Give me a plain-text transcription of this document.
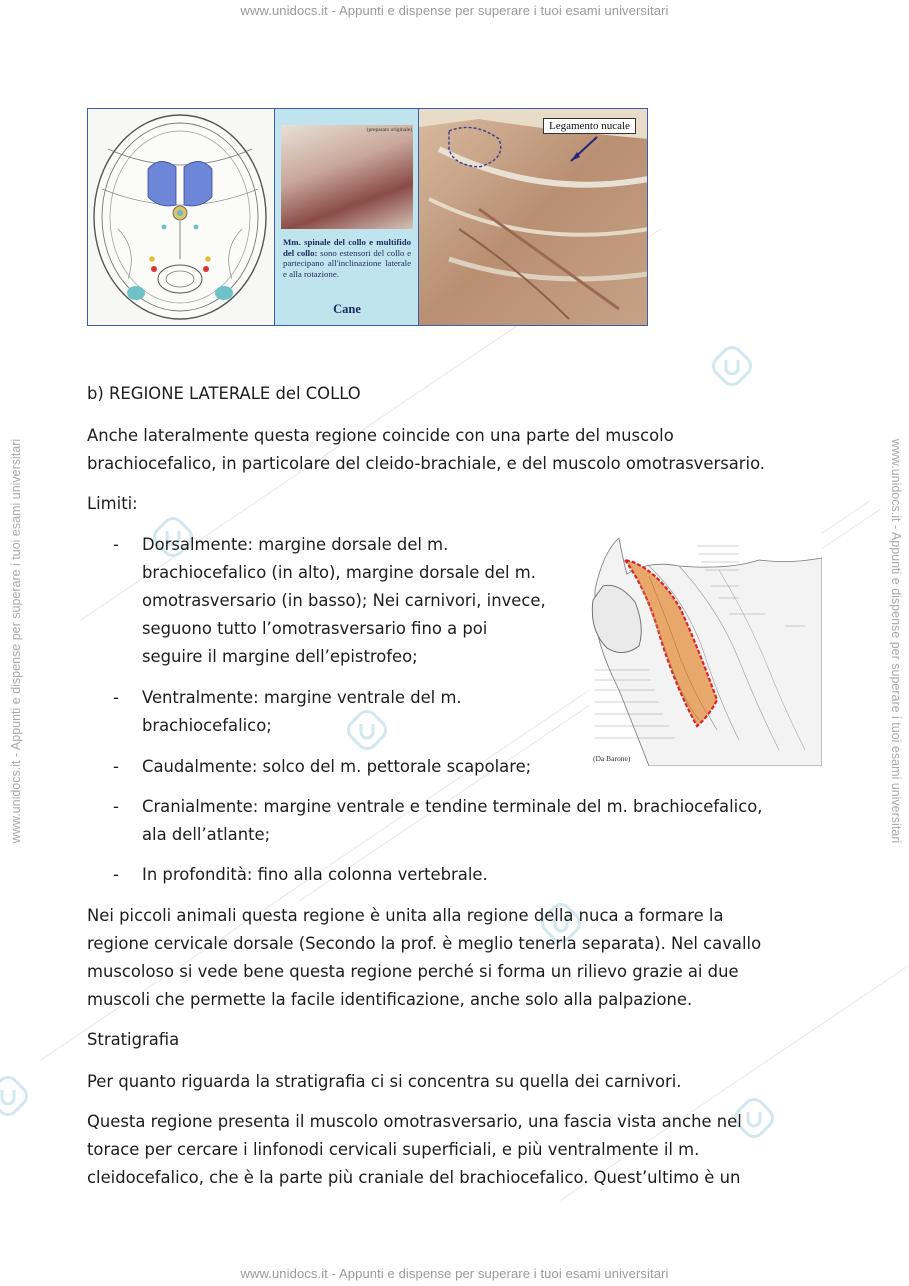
www.unidocs.it - Appunti e dispense per superare i tuoi esami universitari
www.unidocs.it - Appunti e dispense per superare i tuoi esami universitari
www.unidocs.it - Appunti e dispense per superare i tuoi esami universitari	www.unidocs.it - Appunti e dispense per superare i tuoi esami universitari
(preparato originale)
Mm. spinale del collo e multifido del collo: sono estensori del collo e partecipano all'inclinazione laterale e alla rotazione.
Cane
Legamento nucale
b) REGIONE LATERALE del COLLO
Anche lateralmente questa regione coincide con una parte del muscolo
brachiocefalico, in particolare del cleido-brachiale, e del muscolo omotrasversario.
Limiti:
- Dorsalmente: margine dorsale del m.
brachiocefalico (in alto), margine dorsale del m.
omotrasversario (in basso); Nei carnivori, invece,
seguono tutto l’omotrasversario fino a poi
seguire il margine dell’epistrofeo;
- Ventralmente: margine ventrale del m.
brachiocefalico;
- Caudalmente: solco del m. pettorale scapolare;
- Cranialmente: margine ventrale e tendine terminale del m. brachiocefalico,
ala dell’atlante;
- In profondità: fino alla colonna vertebrale.
(Da Barone)
Nei piccoli animali questa regione è unita alla regione della nuca a formare la
regione cervicale dorsale (Secondo la prof. è meglio tenerla separata). Nel cavallo
muscoloso si vede bene questa regione perché si forma un rilievo grazie ai due
muscoli che permette la facile identificazione, anche solo alla palpazione.
Stratigrafia
Per quanto riguarda la stratigrafia ci si concentra su quella dei carnivori.
Questa regione presenta il muscolo omotrasversario, una fascia vista anche nel
torace per cercare i linfonodi cervicali superficiali, e più ventralmente il m.
cleidocefalico, che è la parte più craniale del brachiocefalico. Quest’ultimo è un
